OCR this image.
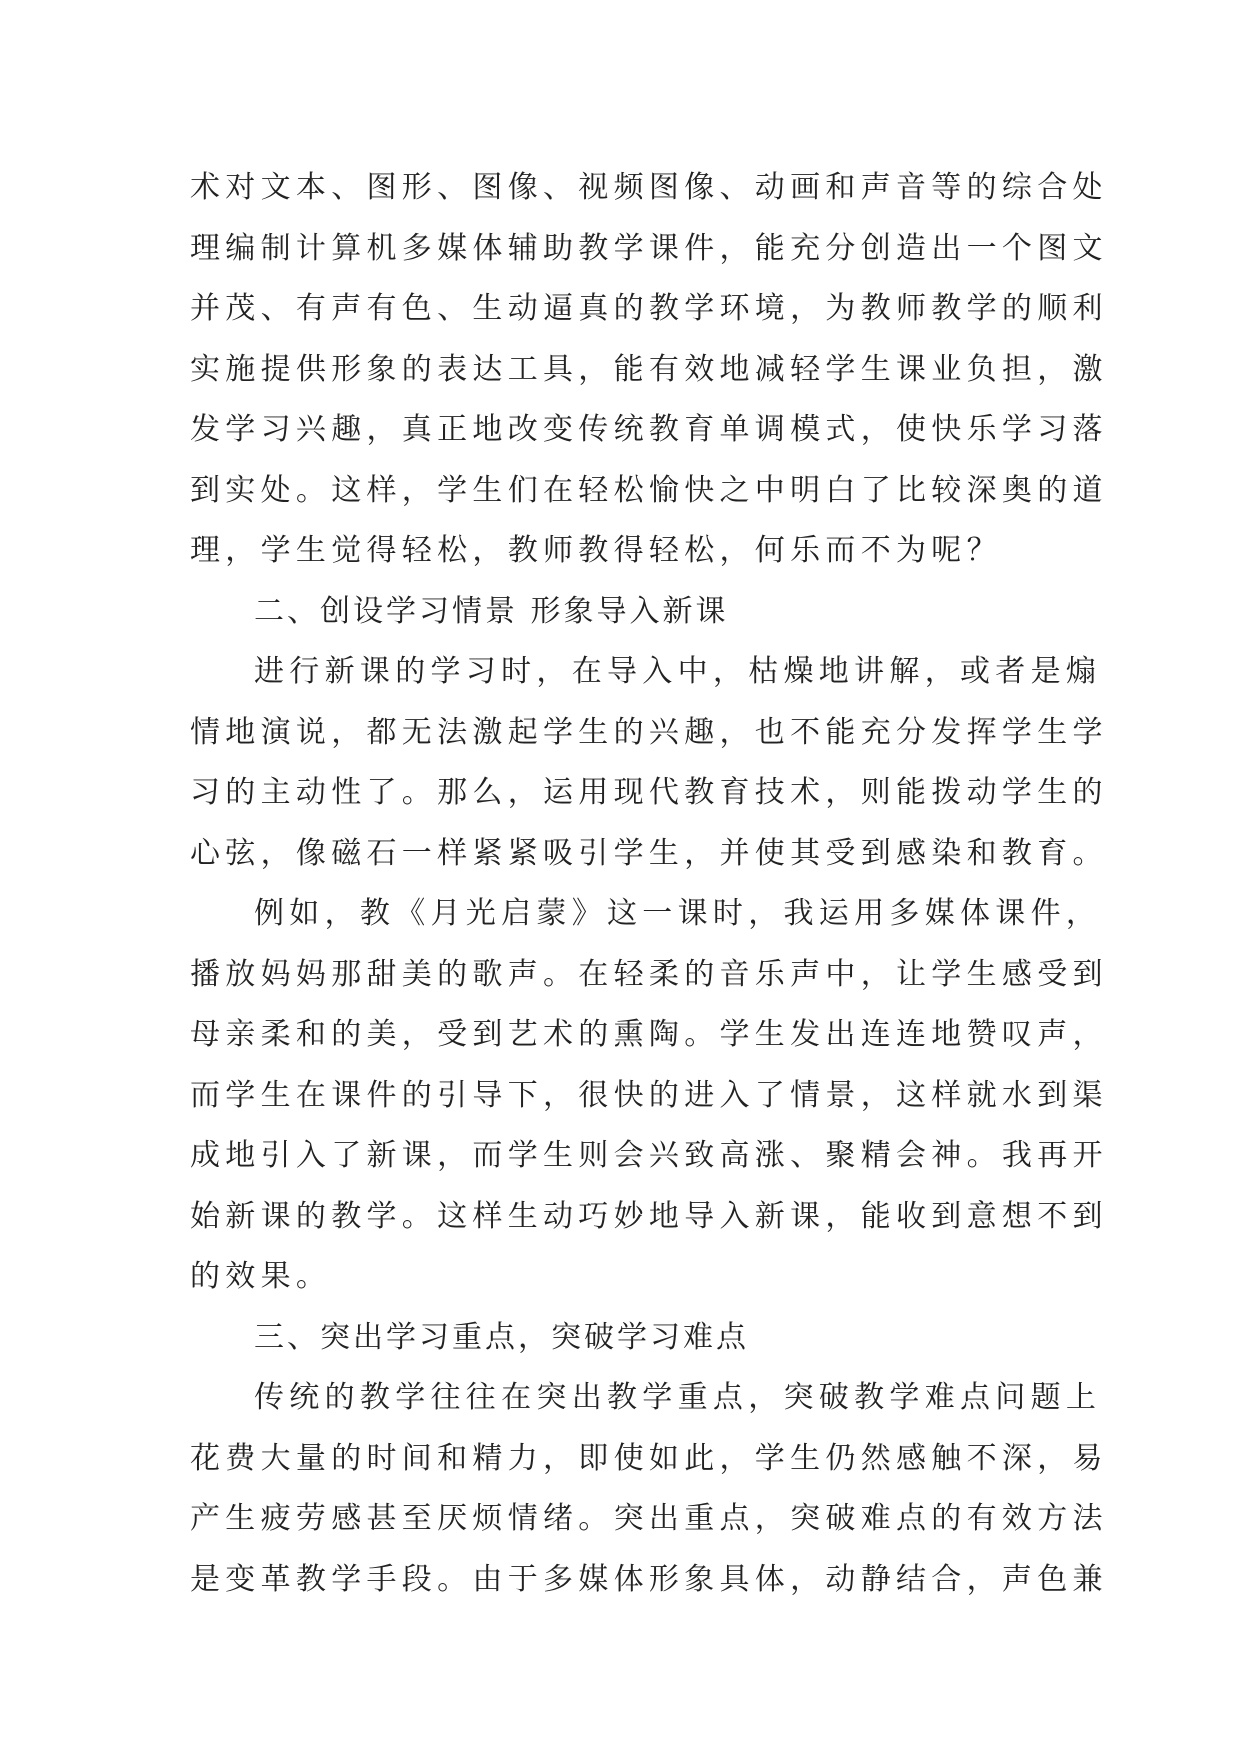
术对文本、图形、图像、视频图像、动画和声音等的综合处
理编制计算机多媒体辅助教学课件，能充分创造出一个图文
并茂、有声有色、生动逼真的教学环境，为教师教学的顺利
实施提供形象的表达工具，能有效地减轻学生课业负担，激
发学习兴趣，真正地改变传统教育单调模式，使快乐学习落
到实处。这样，学生们在轻松愉快之中明白了比较深奥的道
理，学生觉得轻松，教师教得轻松，何乐而不为呢？
二、创设学习情景 形象导入新课
进行新课的学习时，在导入中，枯燥地讲解，或者是煽
情地演说，都无法激起学生的兴趣，也不能充分发挥学生学
习的主动性了。那么，运用现代教育技术，则能拨动学生的
心弦，像磁石一样紧紧吸引学生，并使其受到感染和教育。
例如，教《月光启蒙》这一课时，我运用多媒体课件，
播放妈妈那甜美的歌声。在轻柔的音乐声中，让学生感受到
母亲柔和的美，受到艺术的熏陶。学生发出连连地赞叹声，
而学生在课件的引导下，很快的进入了情景，这样就水到渠
成地引入了新课，而学生则会兴致高涨、聚精会神。我再开
始新课的教学。这样生动巧妙地导入新课，能收到意想不到
的效果。
三、突出学习重点，突破学习难点
传统的教学往往在突出教学重点，突破教学难点问题上
花费大量的时间和精力，即使如此，学生仍然感触不深，易
产生疲劳感甚至厌烦情绪。突出重点，突破难点的有效方法
是变革教学手段。由于多媒体形象具体，动静结合，声色兼
